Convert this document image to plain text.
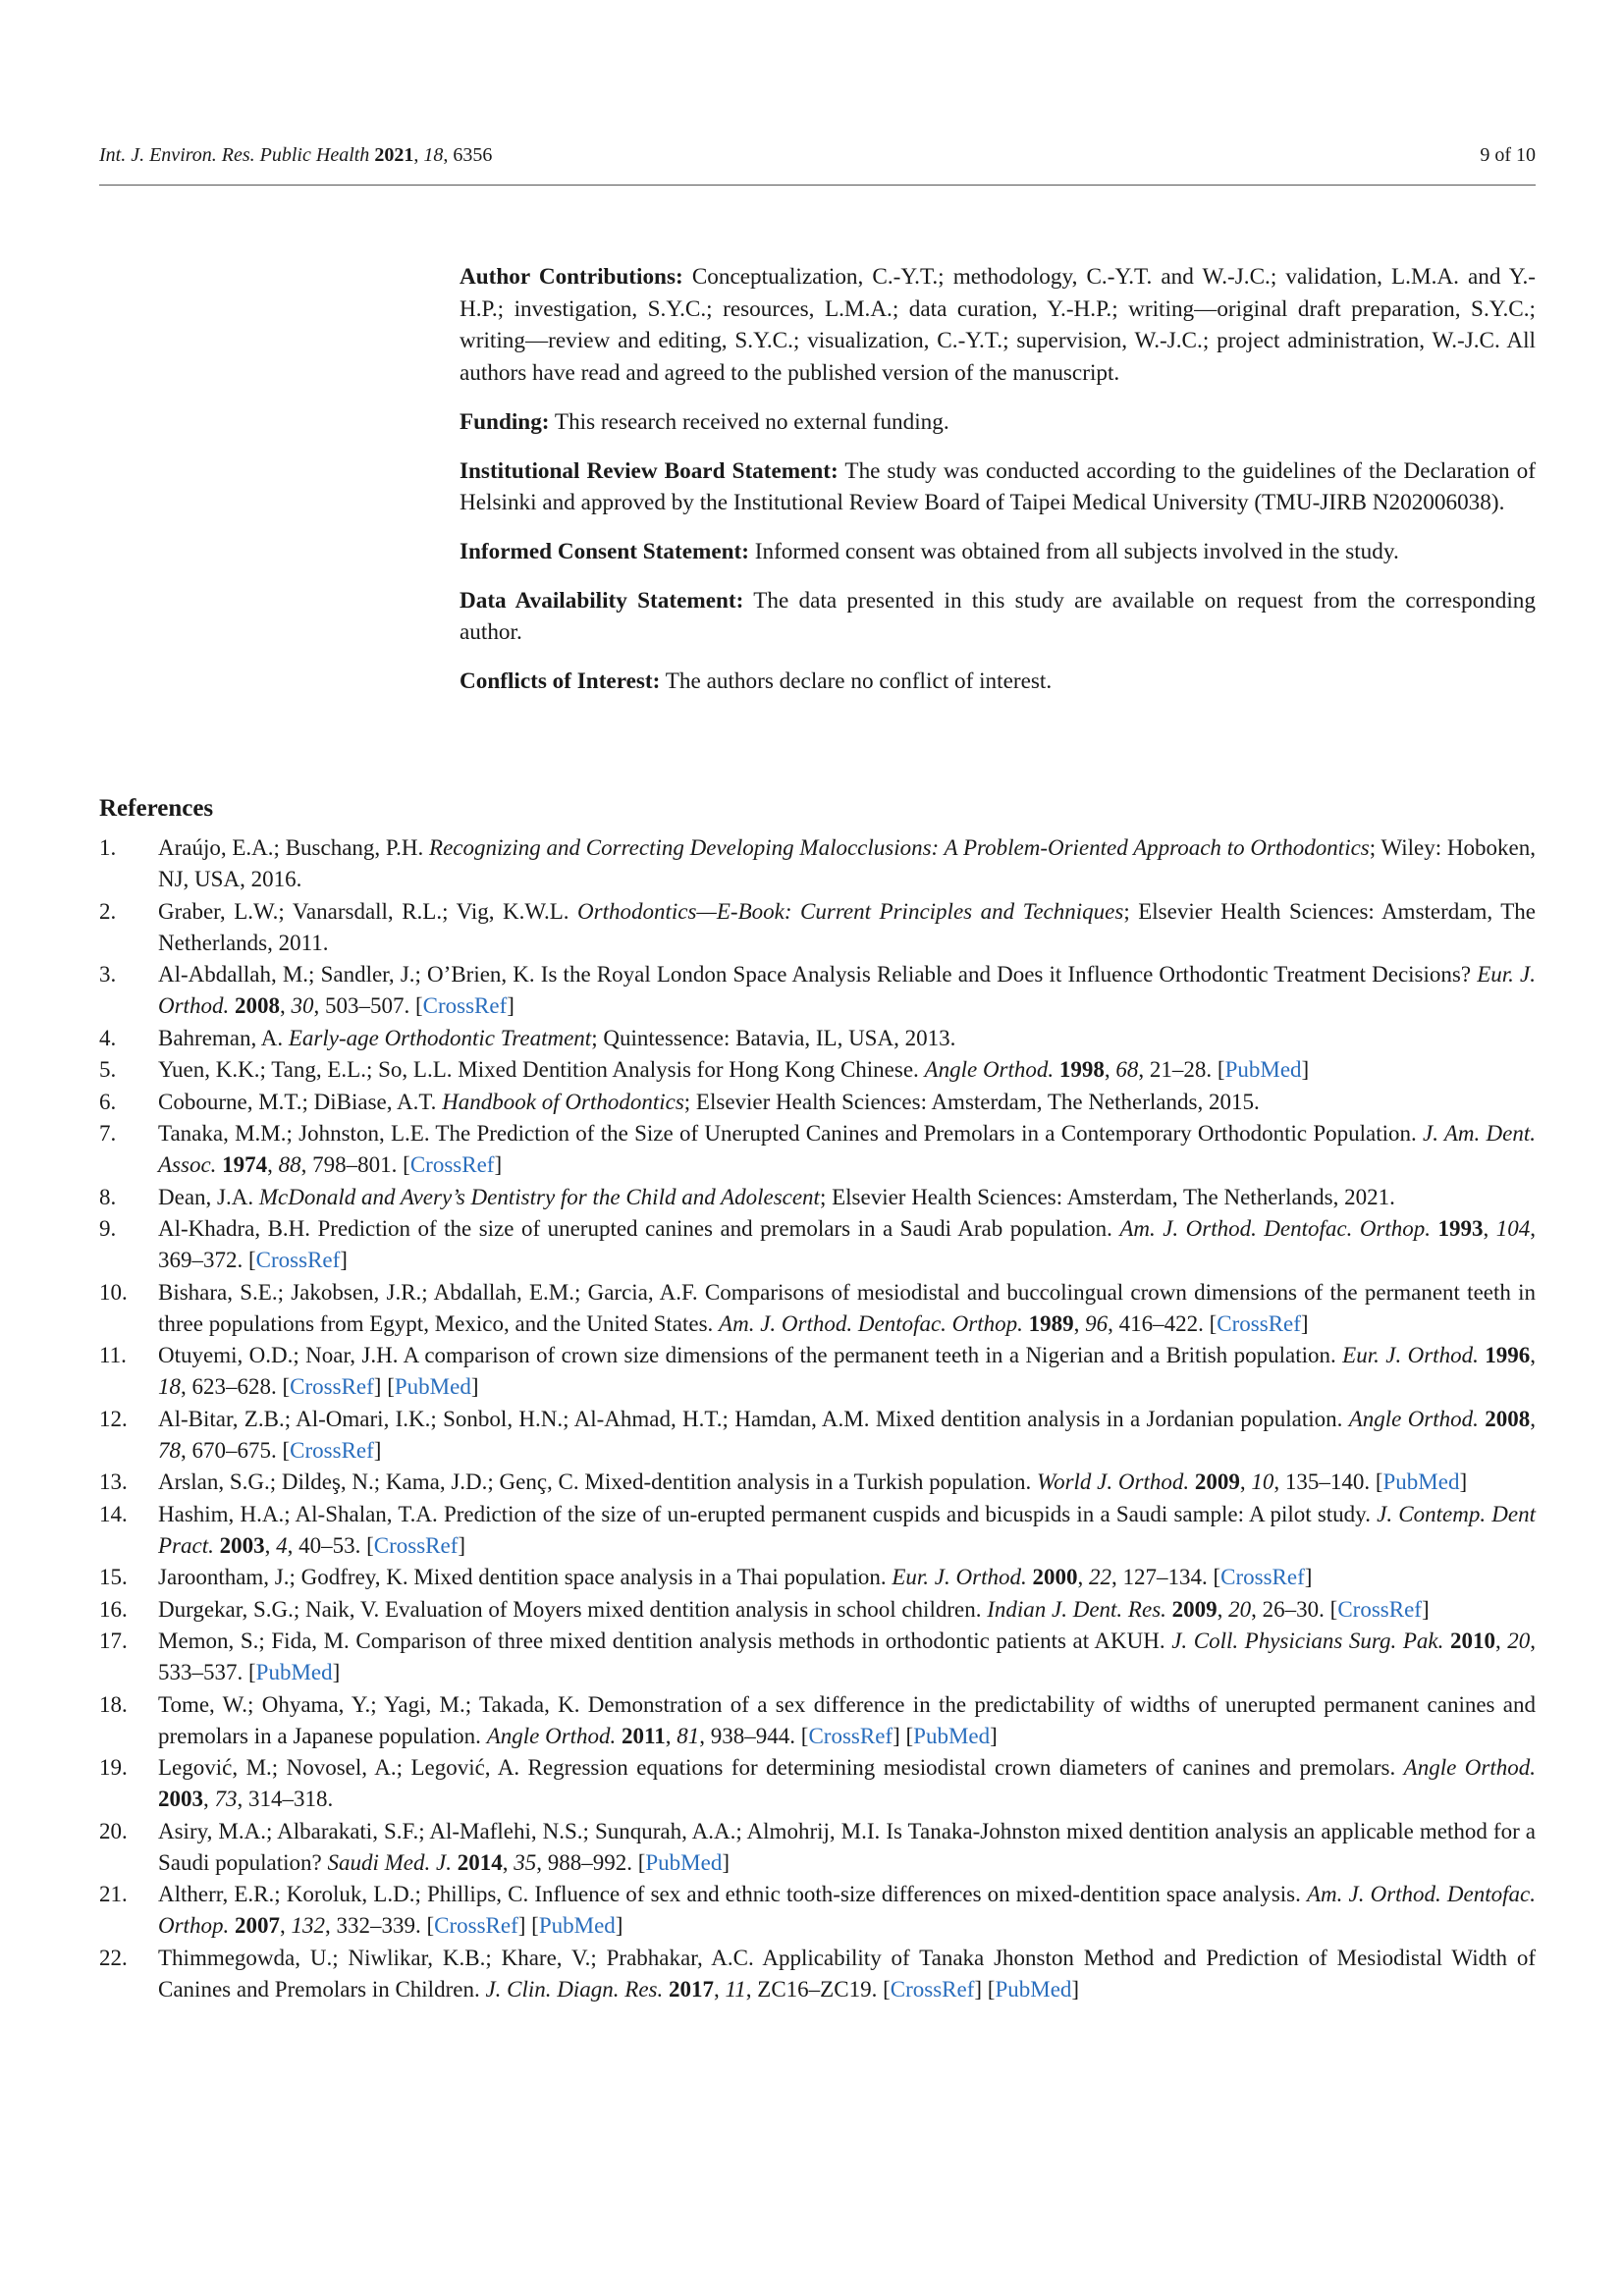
Int. J. Environ. Res. Public Health 2021, 18, 6356	9 of 10

Author Contributions: Conceptualization, C.-Y.T.; methodology, C.-Y.T. and W.-J.C.; validation, L.M.A. and Y.-H.P.; investigation, S.Y.C.; resources, L.M.A.; data curation, Y.-H.P.; writing—original draft preparation, S.Y.C.; writing—review and editing, S.Y.C.; visualization, C.-Y.T.; supervision, W.-J.C.; project administration, W.-J.C. All authors have read and agreed to the published version of the manuscript.

Funding: This research received no external funding.

Institutional Review Board Statement: The study was conducted according to the guidelines of the Declaration of Helsinki and approved by the Institutional Review Board of Taipei Medical University (TMU-JIRB N202006038).

Informed Consent Statement: Informed consent was obtained from all subjects involved in the study.

Data Availability Statement: The data presented in this study are available on request from the corresponding author.

Conflicts of Interest: The authors declare no conflict of interest.

References
1. Araújo, E.A.; Buschang, P.H. Recognizing and Correcting Developing Malocclusions: A Problem-Oriented Approach to Orthodontics; Wiley: Hoboken, NJ, USA, 2016.
2. Graber, L.W.; Vanarsdall, R.L.; Vig, K.W.L. Orthodontics—E-Book: Current Principles and Techniques; Elsevier Health Sciences: Amsterdam, The Netherlands, 2011.
3. Al-Abdallah, M.; Sandler, J.; O’Brien, K. Is the Royal London Space Analysis Reliable and Does it Influence Orthodontic Treatment Decisions? Eur. J. Orthod. 2008, 30, 503–507. [CrossRef]
4. Bahreman, A. Early-age Orthodontic Treatment; Quintessence: Batavia, IL, USA, 2013.
5. Yuen, K.K.; Tang, E.L.; So, L.L. Mixed Dentition Analysis for Hong Kong Chinese. Angle Orthod. 1998, 68, 21–28. [PubMed]
6. Cobourne, M.T.; DiBiase, A.T. Handbook of Orthodontics; Elsevier Health Sciences: Amsterdam, The Netherlands, 2015.
7. Tanaka, M.M.; Johnston, L.E. The Prediction of the Size of Unerupted Canines and Premolars in a Contemporary Orthodontic Population. J. Am. Dent. Assoc. 1974, 88, 798–801. [CrossRef]
8. Dean, J.A. McDonald and Avery’s Dentistry for the Child and Adolescent; Elsevier Health Sciences: Amsterdam, The Netherlands, 2021.
9. Al-Khadra, B.H. Prediction of the size of unerupted canines and premolars in a Saudi Arab population. Am. J. Orthod. Dentofac. Orthop. 1993, 104, 369–372. [CrossRef]
10. Bishara, S.E.; Jakobsen, J.R.; Abdallah, E.M.; Garcia, A.F. Comparisons of mesiodistal and buccolingual crown dimensions of the permanent teeth in three populations from Egypt, Mexico, and the United States. Am. J. Orthod. Dentofac. Orthop. 1989, 96, 416–422. [CrossRef]
11. Otuyemi, O.D.; Noar, J.H. A comparison of crown size dimensions of the permanent teeth in a Nigerian and a British population. Eur. J. Orthod. 1996, 18, 623–628. [CrossRef] [PubMed]
12. Al-Bitar, Z.B.; Al-Omari, I.K.; Sonbol, H.N.; Al-Ahmad, H.T.; Hamdan, A.M. Mixed dentition analysis in a Jordanian population. Angle Orthod. 2008, 78, 670–675. [CrossRef]
13. Arslan, S.G.; Dildeş, N.; Kama, J.D.; Genç, C. Mixed-dentition analysis in a Turkish population. World J. Orthod. 2009, 10, 135–140. [PubMed]
14. Hashim, H.A.; Al-Shalan, T.A. Prediction of the size of un-erupted permanent cuspids and bicuspids in a Saudi sample: A pilot study. J. Contemp. Dent Pract. 2003, 4, 40–53. [CrossRef]
15. Jaroontham, J.; Godfrey, K. Mixed dentition space analysis in a Thai population. Eur. J. Orthod. 2000, 22, 127–134. [CrossRef]
16. Durgekar, S.G.; Naik, V. Evaluation of Moyers mixed dentition analysis in school children. Indian J. Dent. Res. 2009, 20, 26–30. [CrossRef]
17. Memon, S.; Fida, M. Comparison of three mixed dentition analysis methods in orthodontic patients at AKUH. J. Coll. Physicians Surg. Pak. 2010, 20, 533–537. [PubMed]
18. Tome, W.; Ohyama, Y.; Yagi, M.; Takada, K. Demonstration of a sex difference in the predictability of widths of unerupted permanent canines and premolars in a Japanese population. Angle Orthod. 2011, 81, 938–944. [CrossRef] [PubMed]
19. Legović, M.; Novosel, A.; Legović, A. Regression equations for determining mesiodistal crown diameters of canines and premolars. Angle Orthod. 2003, 73, 314–318.
20. Asiry, M.A.; Albarakati, S.F.; Al-Maflehi, N.S.; Sunqurah, A.A.; Almohrij, M.I. Is Tanaka-Johnston mixed dentition analysis an applicable method for a Saudi population? Saudi Med. J. 2014, 35, 988–992. [PubMed]
21. Altherr, E.R.; Koroluk, L.D.; Phillips, C. Influence of sex and ethnic tooth-size differences on mixed-dentition space analysis. Am. J. Orthod. Dentofac. Orthop. 2007, 132, 332–339. [CrossRef] [PubMed]
22. Thimmegowda, U.; Niwlikar, K.B.; Khare, V.; Prabhakar, A.C. Applicability of Tanaka Jhonston Method and Prediction of Mesiodistal Width of Canines and Premolars in Children. J. Clin. Diagn. Res. 2017, 11, ZC16–ZC19. [CrossRef] [PubMed]
